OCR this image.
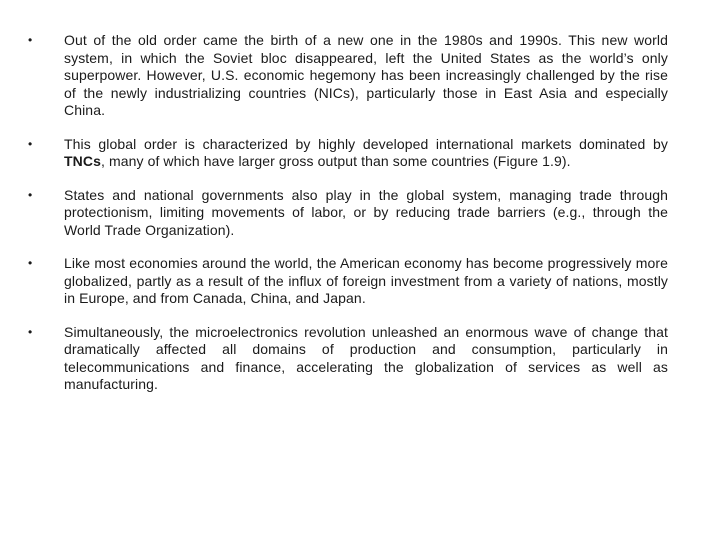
•	Out of the old order came the birth of a new one in the 1980s and 1990s. This new world system, in which the Soviet bloc disappeared, left the United States as the world’s only superpower. However, U.S. economic hegemony has been increasingly challenged by the rise of the newly industrializing countries (NICs), particularly those in East Asia and especially China.
•	This global order is characterized by highly developed international markets dominated by TNCs, many of which have larger gross output than some countries (Figure 1.9).
•	States and national governments also play in the global system, managing trade through protectionism, limiting movements of labor, or by reducing trade barriers (e.g., through the World Trade Organization).
•	Like most economies around the world, the American economy has become progressively more globalized, partly as a result of the influx of foreign investment from a variety of nations, mostly in Europe, and from Canada, China, and Japan.
•	Simultaneously, the microelectronics revolution unleashed an enormous wave of change that dramatically affected all domains of production and consumption, particularly in telecommunications and finance, accelerating the globalization of services as well as manufacturing.
